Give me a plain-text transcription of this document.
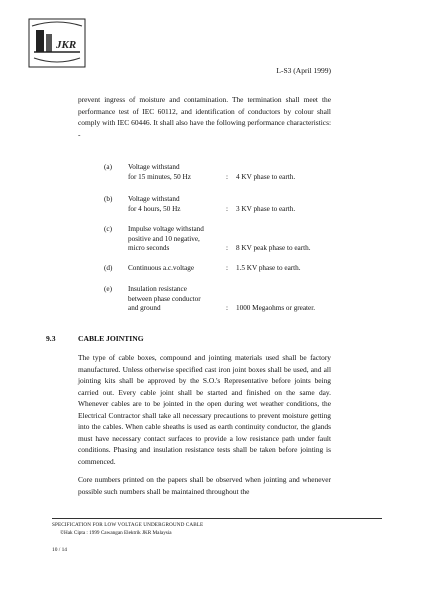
JKR
L-S3 (April 1999)
prevent ingress of moisture and contamination. The termination shall meet the performance test of IEC 60112, and identification of conductors by colour shall comply with IEC 60446. It shall also have the following performance characteristics: -
(a) Voltage withstand
for 15 minutes, 50 Hz	: 4 KV phase to earth.
(b) Voltage withstand
for 4 hours, 50 Hz	: 3 KV phase to earth.
(c) Impulse voltage withstand
positive and 10 negative,
micro seconds	: 8 KV peak phase to earth.
(d) Continuous a.c.voltage	: 1.5 KV phase to earth.
(e) Insulation resistance
between phase conductor
and ground	: 1000 Megaohms or greater.
9.3	CABLE JOINTING
The type of cable boxes, compound and jointing materials used shall be factory manufactured. Unless otherwise specified cast iron joint boxes shall be used, and all jointing kits shall be approved by the S.O.'s Representative before joints being carried out. Every cable joint shall be started and finished on the same day. Whenever cables are to be jointed in the open during wet weather conditions, the Electrical Contractor shall take all necessary precautions to prevent moisture getting into the cables. When cable sheaths is used as earth continuity conductor, the glands must have necessary contact surfaces to provide a low resistance path under fault conditions. Phasing and insulation resistance tests shall be taken before jointing is commenced.
Core numbers printed on the papers shall be observed when jointing and whenever possible such numbers shall be maintained throughout the
SPECIFICATION FOR LOW VOLTAGE UNDERGROUND CABLE
©Hak Cipta : 1999 Cawangan Elektrik JKR Malaysia
10 / 14
